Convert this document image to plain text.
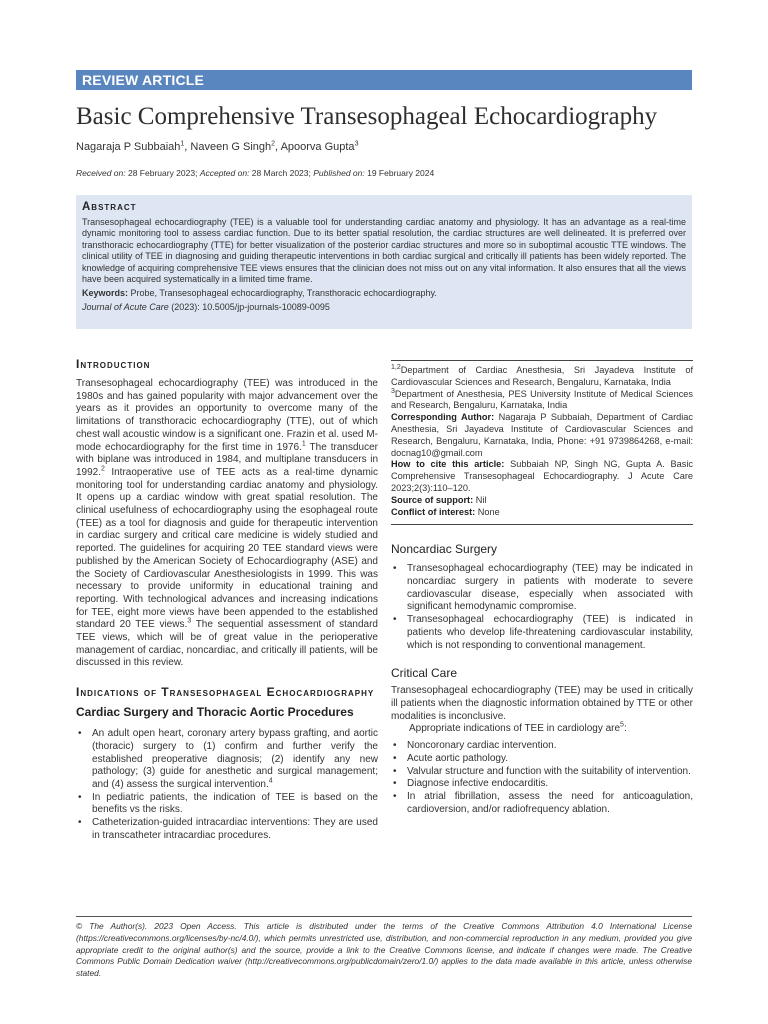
REVIEW ARTICLE
Basic Comprehensive Transesophageal Echocardiography
Nagaraja P Subbaiah$^1$, Naveen G Singh$^2$, Apoorva Gupta$^3$
Received on: 28 February 2023; Accepted on: 28 March 2023; Published on: 19 February 2024

Abstract

Transesophageal echocardiography (TEE) is a valuable tool for understanding cardiac anatomy and physiology. It has an advantage as a real-time dynamic monitoring tool to assess cardiac function. Due to its better spatial resolution, the cardiac structures are well delineated. It is preferred over transthoracic echocardiography (TTE) for better visualization of the posterior cardiac structures and more so in suboptimal acoustic TTE windows. The clinical utility of TEE in diagnosing and guiding therapeutic interventions in both cardiac surgical and critically ill patients has been widely reported. The knowledge of acquiring comprehensive TEE views ensures that the clinician does not miss out on any vital information. It also ensures that all the views have been acquired systematically in a limited time frame.

Keywords: Probe, Transesophageal echocardiography, Transthoracic echocardiography.

Journal of Acute Care (2023): 10.5005/jp-journals-10089-0095

Introduction

Transesophageal echocardiography (TEE) was introduced in the 1980s and has gained popularity with major advancement over the years as it provides an opportunity to overcome many of the limitations of transthoracic echocardiography (TTE), out of which chest wall acoustic window is a significant one. Frazin et al. used M-mode echocardiography for the first time in 1976.$^1$ The transducer with biplane was introduced in 1984, and multiplane transducers in 1992.$^2$ Intraoperative use of TEE acts as a real-time dynamic monitoring tool for understanding cardiac anatomy and physiology. It opens up a cardiac window with great spatial resolution. The clinical usefulness of echocardiography using the esophageal route (TEE) as a tool for diagnosis and guide for therapeutic intervention in cardiac surgery and critical care medicine is widely studied and reported. The guidelines for acquiring 20 TEE standard views were published by the American Society of Echocardiography (ASE) and the Society of Cardiovascular Anesthesiologists in 1999. This was necessary to provide uniformity in educational training and reporting. With technological advances and increasing indications for TEE, eight more views have been appended to the established standard 20 TEE views.$^3$ The sequential assessment of standard TEE views, which will be of great value in the perioperative management of cardiac, noncardiac, and critically ill patients, will be discussed in this review.

Indications of Transesophageal Echocardiography

Cardiac Surgery and Thoracic Aortic Procedures

• An adult open heart, coronary artery bypass grafting, and aortic (thoracic) surgery to (1) confirm and further verify the established preoperative diagnosis; (2) identify any new pathology; (3) guide for anesthetic and surgical management; and (4) assess the surgical intervention.$^4$
• In pediatric patients, the indication of TEE is based on the benefits vs the risks.
• Catheterization-guided intracardiac interventions: They are used in transcatheter intracardiac procedures.

$^{1,2}$Department of Cardiac Anesthesia, Sri Jayadeva Institute of Cardiovascular Sciences and Research, Bengaluru, Karnataka, India

$^3$Department of Anesthesia, PES University Institute of Medical Sciences and Research, Bengaluru, Karnataka, India

Corresponding Author: Nagaraja P Subbaiah, Department of Cardiac Anesthesia, Sri Jayadeva Institute of Cardiovascular Sciences and Research, Bengaluru, Karnataka, India, Phone: +91 9739864268, e-mail: docnag10@gmail.com

How to cite this article: Subbaiah NP, Singh NG, Gupta A. Basic Comprehensive Transesophageal Echocardiography. J Acute Care 2023;2(3):110–120.

Source of support: Nil

Conflict of interest: None

Noncardiac Surgery

• Transesophageal echocardiography (TEE) may be indicated in noncardiac surgery in patients with moderate to severe cardiovascular disease, especially when associated with significant hemodynamic compromise.
• Transesophageal echocardiography (TEE) is indicated in patients who develop life-threatening cardiovascular instability, which is not responding to conventional management.

Critical Care

Transesophageal echocardiography (TEE) may be used in critically ill patients when the diagnostic information obtained by TTE or other modalities is inconclusive.

Appropriate indications of TEE in cardiology are$^5$:

• Noncoronary cardiac intervention.
• Acute aortic pathology.
• Valvular structure and function with the suitability of intervention.
• Diagnose infective endocarditis.
• In atrial fibrillation, assess the need for anticoagulation, cardioversion, and/or radiofrequency ablation.
© The Author(s). 2023 Open Access. This article is distributed under the terms of the Creative Commons Attribution 4.0 International License (https://creativecommons.org/licenses/by-nc/4.0/), which permits unrestricted use, distribution, and non-commercial reproduction in any medium, provided you give appropriate credit to the original author(s) and the source, provide a link to the Creative Commons license, and indicate if changes were made. The Creative Commons Public Domain Dedication waiver (http://creativecommons.org/publicdomain/zero/1.0/) applies to the data made available in this article, unless otherwise stated.
